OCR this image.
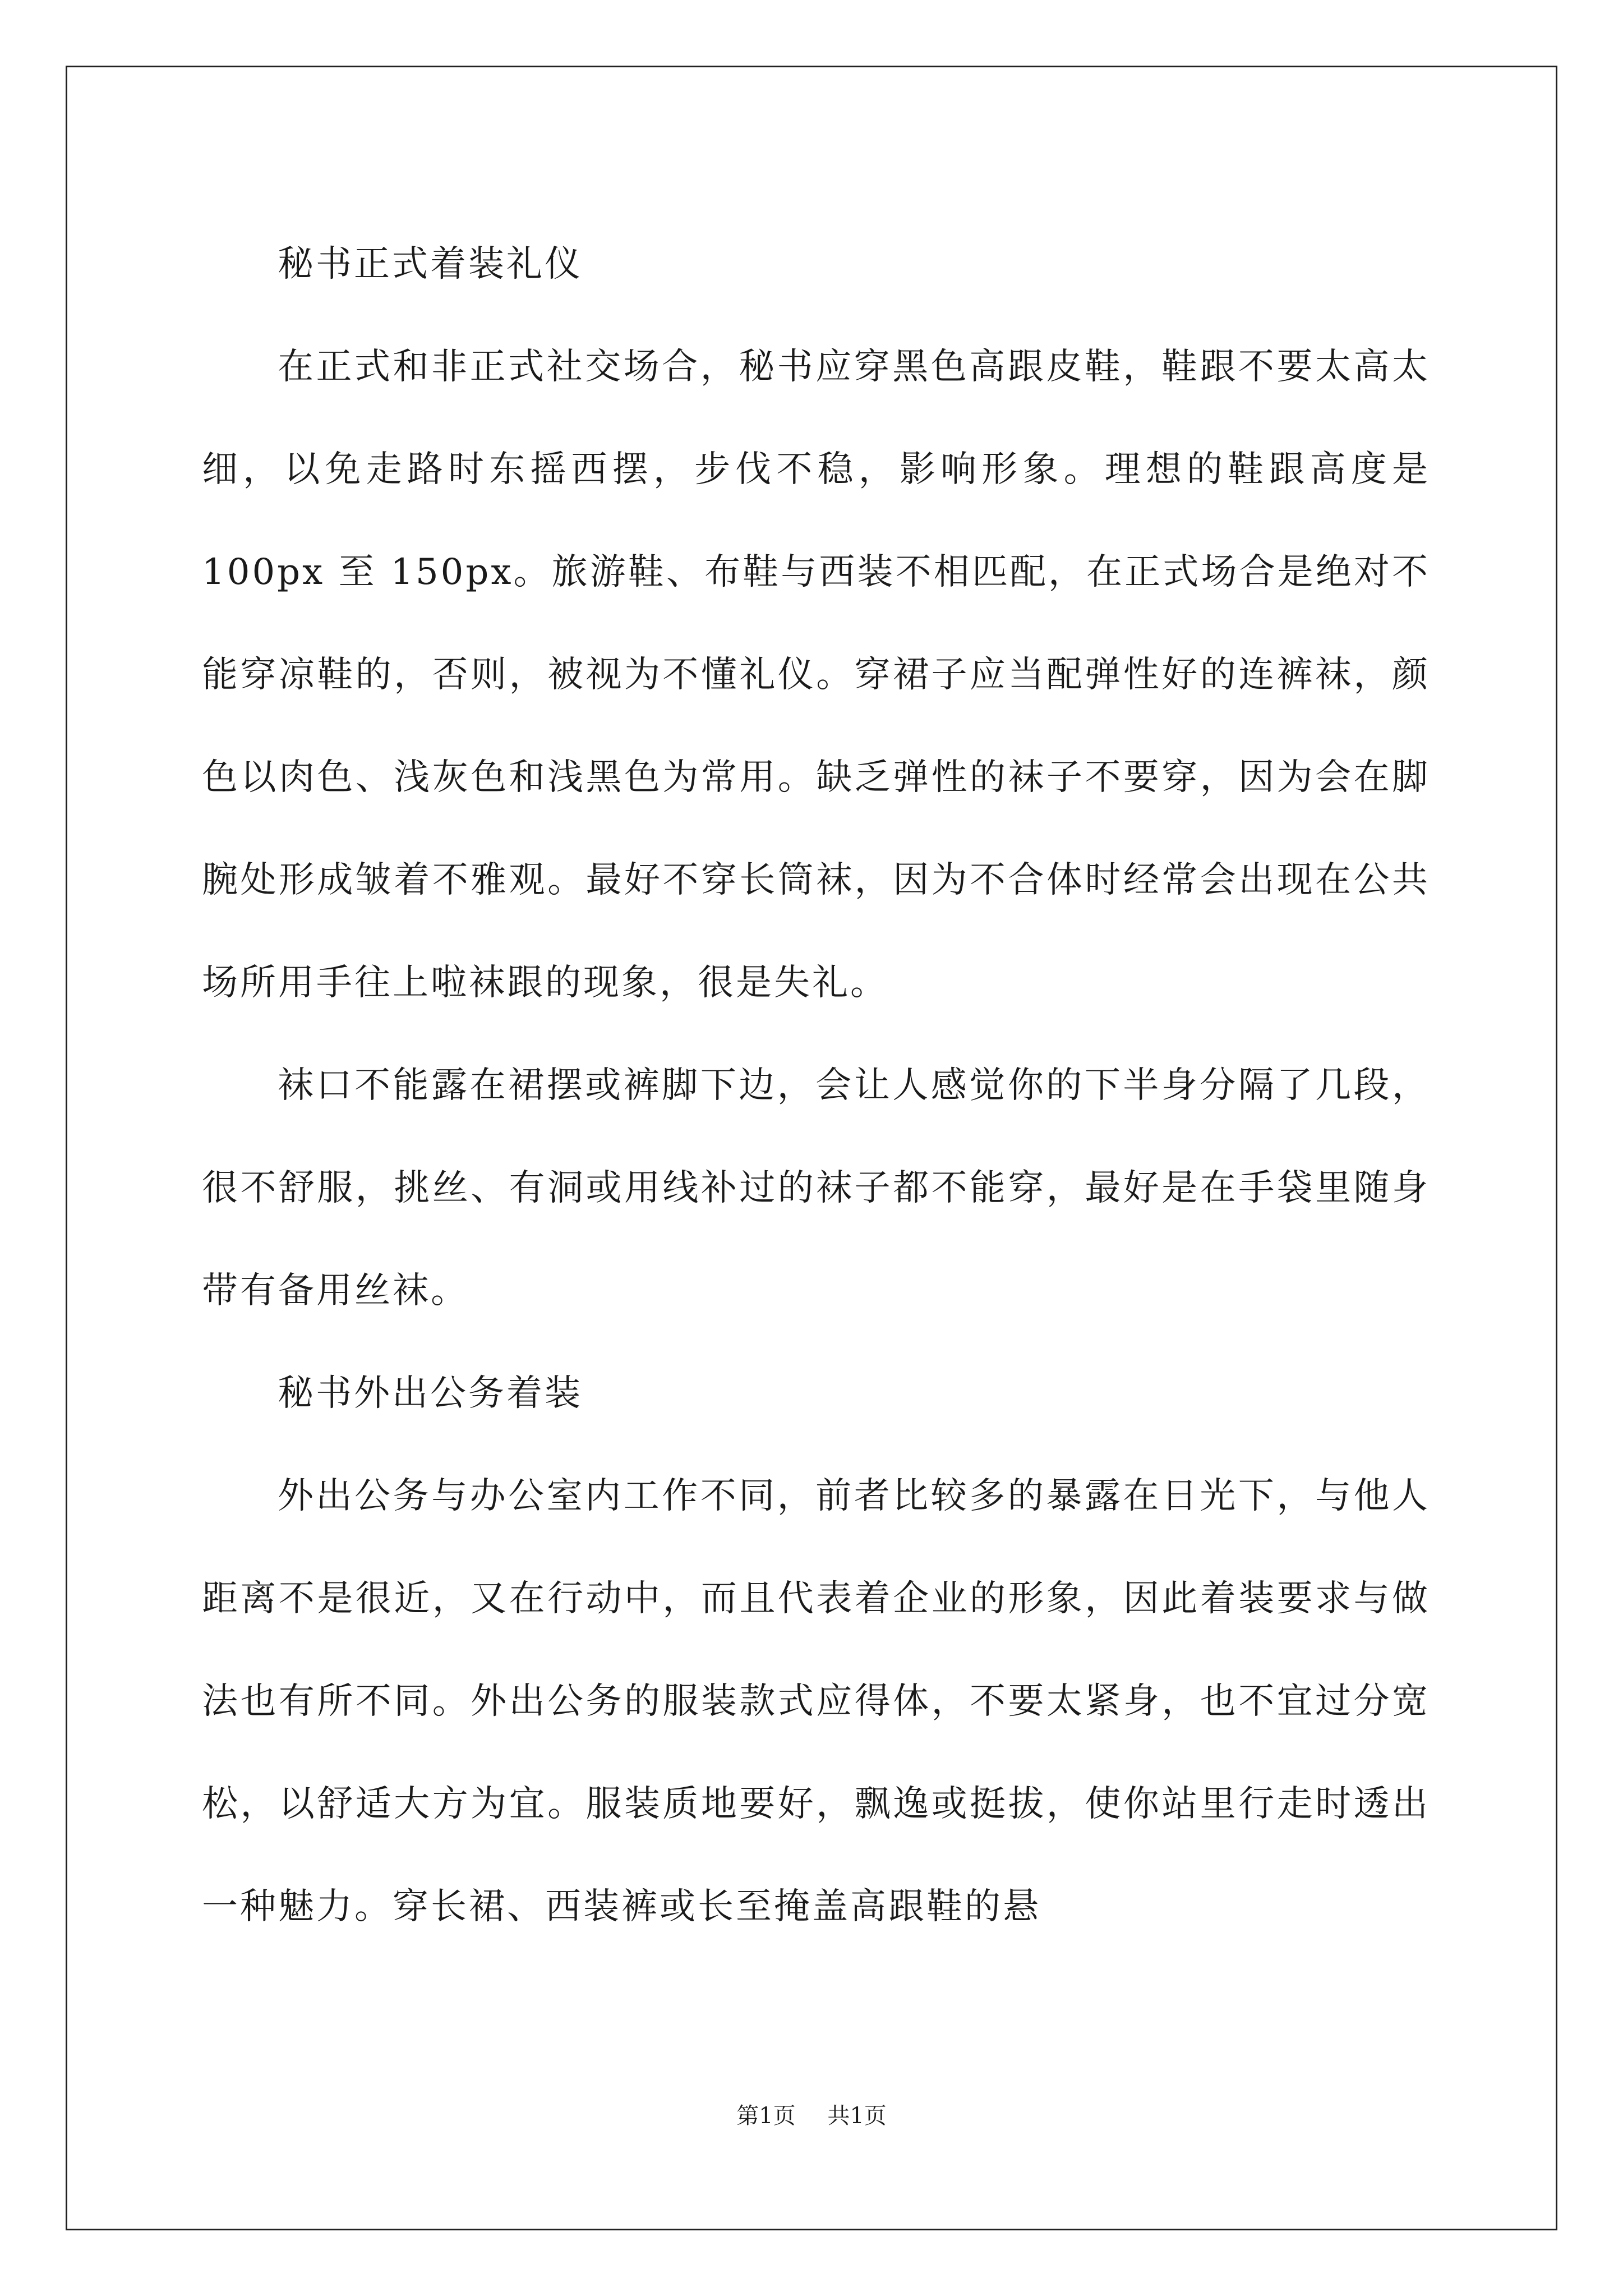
秘书正式着装礼仪

在正式和非正式社交场合，秘书应穿黑色高跟皮鞋，鞋跟不要太高太细，以免走路时东摇西摆，步伐不稳，影响形象。理想的鞋跟高度是 100px 至 150px。旅游鞋、布鞋与西装不相匹配，在正式场合是绝对不能穿凉鞋的，否则，被视为不懂礼仪。穿裙子应当配弹性好的连裤袜，颜色以肉色、浅灰色和浅黑色为常用。缺乏弹性的袜子不要穿，因为会在脚腕处形成皱着不雅观。最好不穿长筒袜，因为不合体时经常会出现在公共场所用手往上啦袜跟的现象，很是失礼。

袜口不能露在裙摆或裤脚下边，会让人感觉你的下半身分隔了几段，很不舒服，挑丝、有洞或用线补过的袜子都不能穿，最好是在手袋里随身带有备用丝袜。

秘书外出公务着装

外出公务与办公室内工作不同，前者比较多的暴露在日光下，与他人距离不是很近，又在行动中，而且代表着企业的形象，因此着装要求与做法也有所不同。外出公务的服装款式应得体，不要太紧身，也不宜过分宽松，以舒适大方为宜。服装质地要好，飘逸或挺拔，使你站里行走时透出一种魅力。穿长裙、西装裤或长至掩盖高跟鞋的悬

第1页 共1页
